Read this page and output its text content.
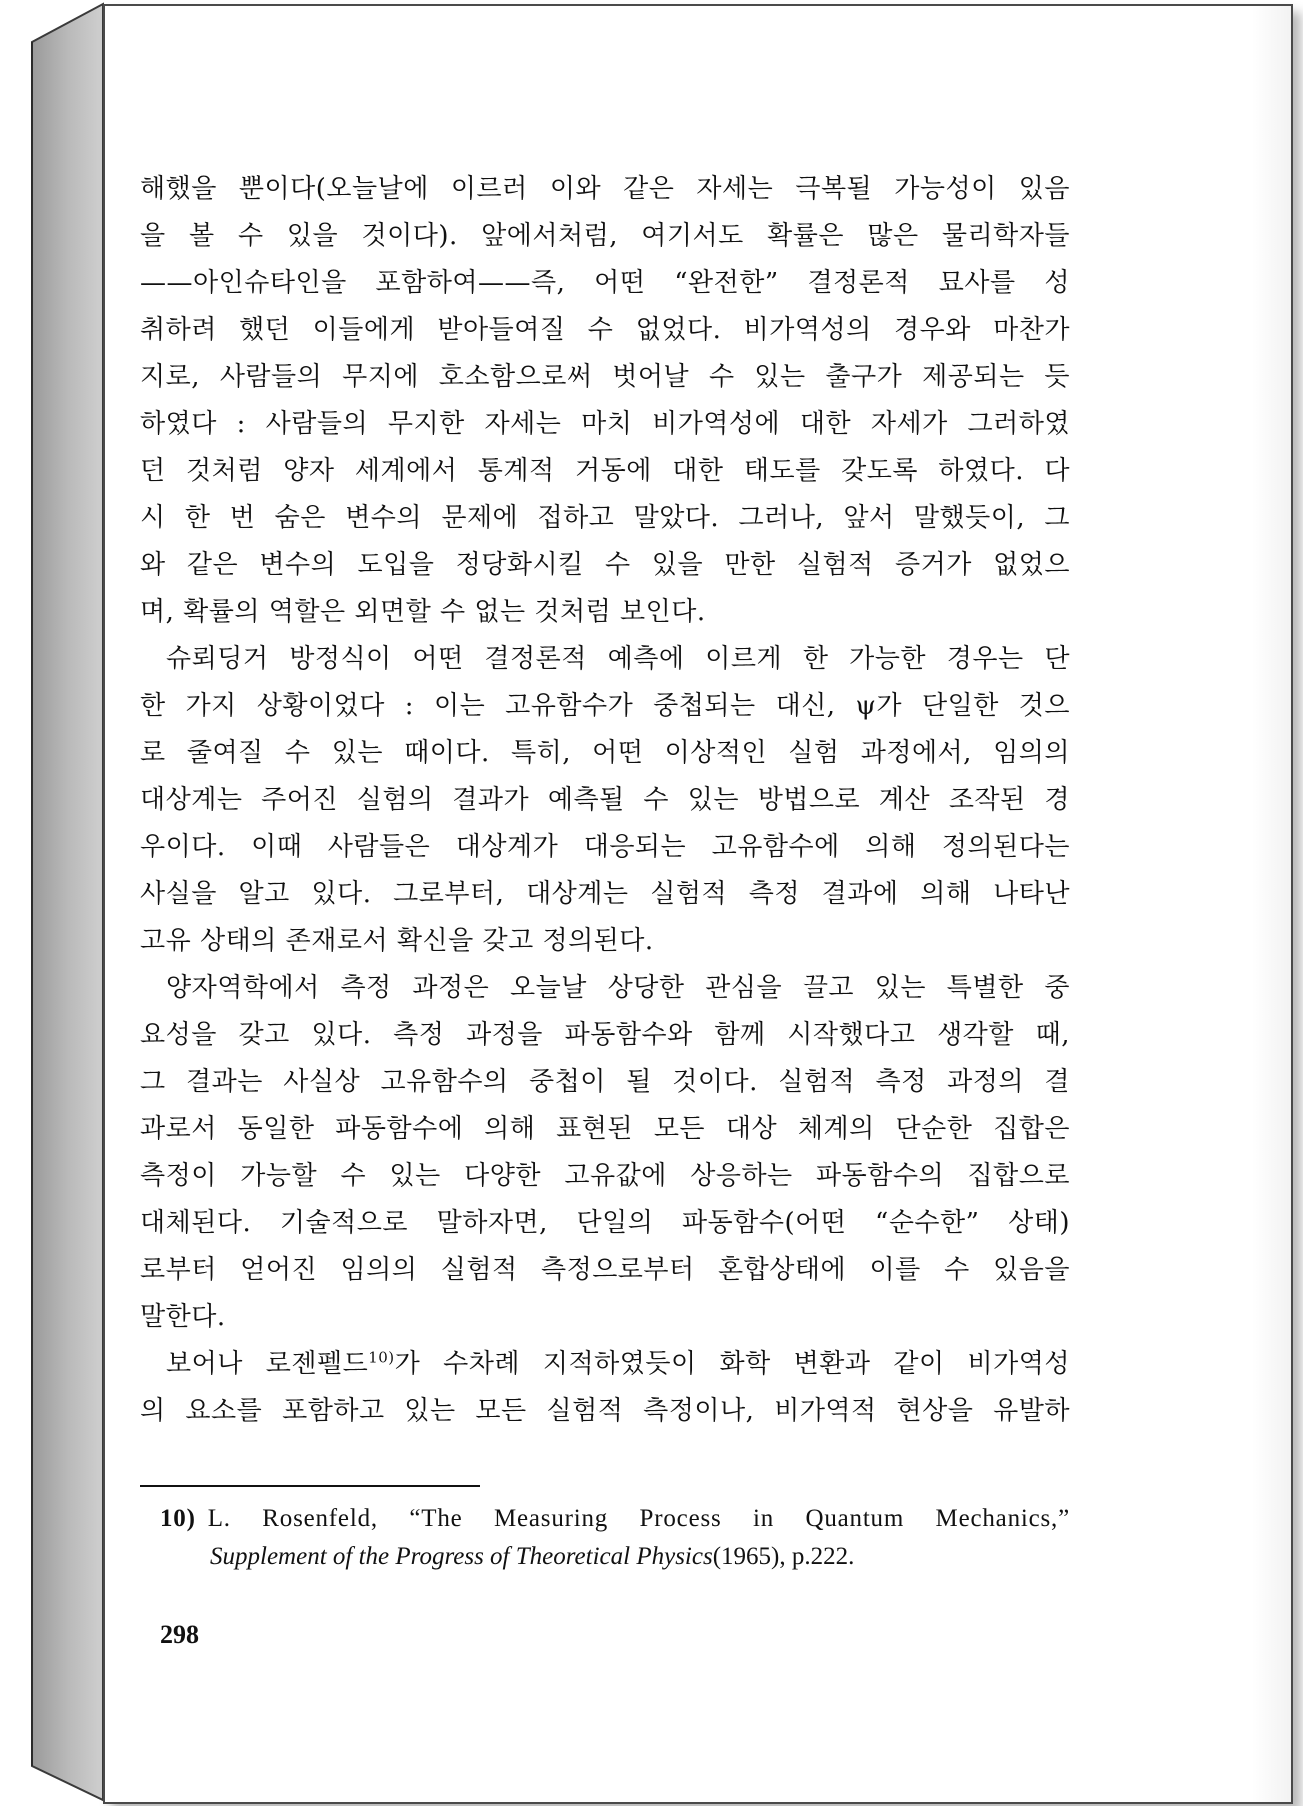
해했을 뿐이다(오늘날에 이르러 이와 같은 자세는 극복될 가능성이 있음
을 볼 수 있을 것이다). 앞에서처럼, 여기서도 확률은 많은 물리학자들
——아인슈타인을 포함하여——즉, 어떤 “완전한” 결정론적 묘사를 성
취하려 했던 이들에게 받아들여질 수 없었다. 비가역성의 경우와 마찬가
지로, 사람들의 무지에 호소함으로써 벗어날 수 있는 출구가 제공되는 듯
하였다 : 사람들의 무지한 자세는 마치 비가역성에 대한 자세가 그러하였
던 것처럼 양자 세계에서 통계적 거동에 대한 태도를 갖도록 하였다. 다
시 한 번 숨은 변수의 문제에 접하고 말았다. 그러나, 앞서 말했듯이, 그
와 같은 변수의 도입을 정당화시킬 수 있을 만한 실험적 증거가 없었으
며, 확률의 역할은 외면할 수 없는 것처럼 보인다.
슈뢰딩거 방정식이 어떤 결정론적 예측에 이르게 한 가능한 경우는 단
한 가지 상황이었다 : 이는 고유함수가 중첩되는 대신, ψ가 단일한 것으
로 줄여질 수 있는 때이다. 특히, 어떤 이상적인 실험 과정에서, 임의의
대상계는 주어진 실험의 결과가 예측될 수 있는 방법으로 계산 조작된 경
우이다. 이때 사람들은 대상계가 대응되는 고유함수에 의해 정의된다는
사실을 알고 있다. 그로부터, 대상계는 실험적 측정 결과에 의해 나타난
고유 상태의 존재로서 확신을 갖고 정의된다.
양자역학에서 측정 과정은 오늘날 상당한 관심을 끌고 있는 특별한 중
요성을 갖고 있다. 측정 과정을 파동함수와 함께 시작했다고 생각할 때,
그 결과는 사실상 고유함수의 중첩이 될 것이다. 실험적 측정 과정의 결
과로서 동일한 파동함수에 의해 표현된 모든 대상 체계의 단순한 집합은
측정이 가능할 수 있는 다양한 고유값에 상응하는 파동함수의 집합으로
대체된다. 기술적으로 말하자면, 단일의 파동함수(어떤 “순수한” 상태)
로부터 얻어진 임의의 실험적 측정으로부터 혼합상태에 이를 수 있음을
말한다.
보어나 로젠펠드$^{10)}$가 수차례 지적하였듯이 화학 변환과 같이 비가역성
의 요소를 포함하고 있는 모든 실험적 측정이나, 비가역적 현상을 유발하
10) L. Rosenfeld, “The Measuring Process in Quantum Mechanics,”
Supplement of the Progress of Theoretical Physics(1965), p.222.
298
